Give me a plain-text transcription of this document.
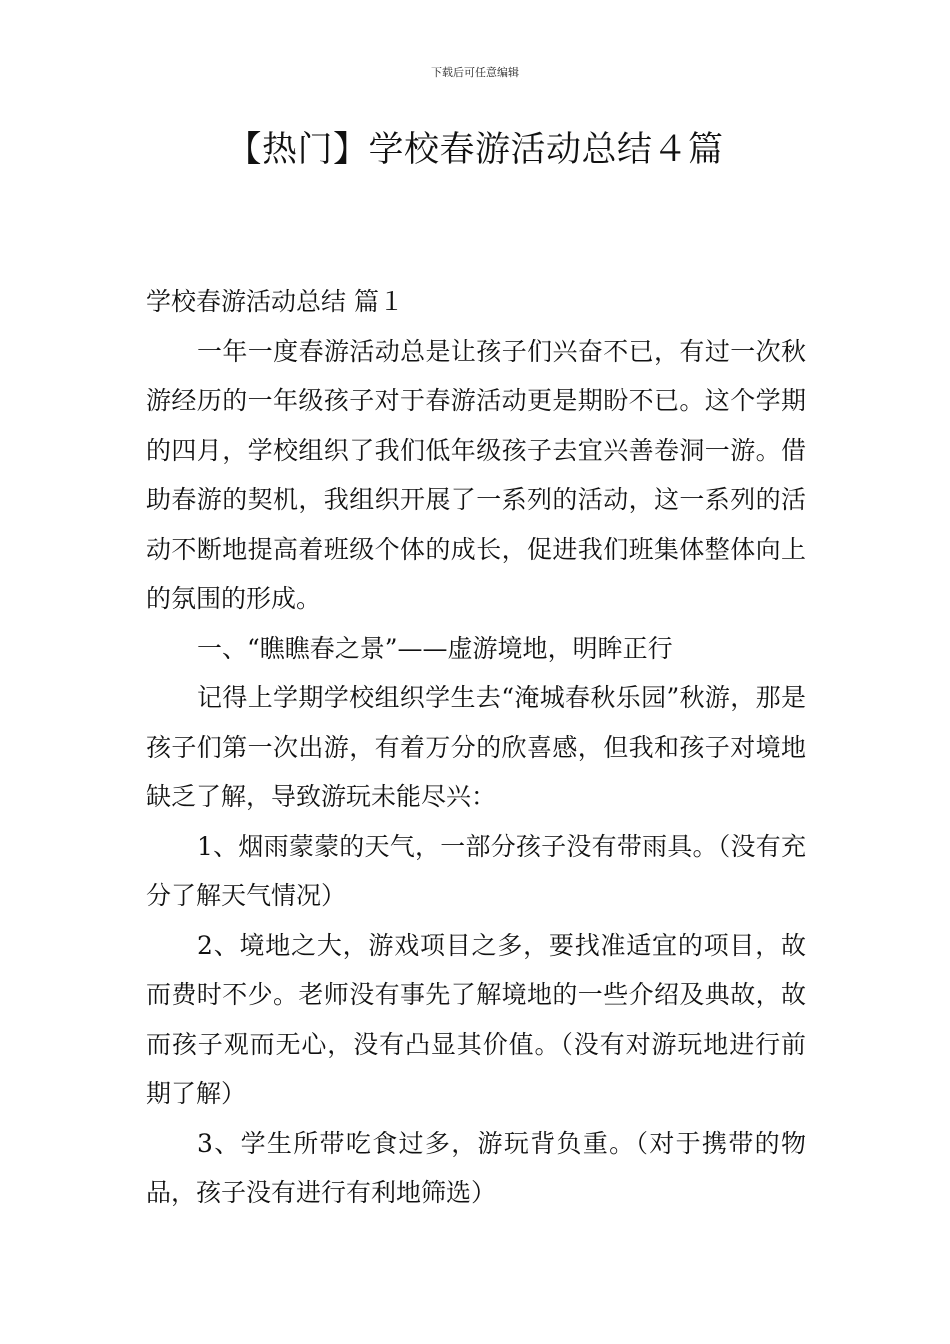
下载后可任意编辑
【热门】学校春游活动总结４篇

学校春游活动总结 篇１

一年一度春游活动总是让孩子们兴奋不已，有过一次秋游经历的一年级孩子对于春游活动更是期盼不已。这个学期的四月，学校组织了我们低年级孩子去宜兴善卷洞一游。借助春游的契机，我组织开展了一系列的活动，这一系列的活动不断地提高着班级个体的成长，促进我们班集体整体向上的氛围的形成。

一、“瞧瞧春之景”——虚游境地，明眸正行

记得上学期学校组织学生去“淹城春秋乐园”秋游，那是孩子们第一次出游，有着万分的欣喜感，但我和孩子对境地缺乏了解，导致游玩未能尽兴：

1、烟雨蒙蒙的天气，一部分孩子没有带雨具。（没有充分了解天气情况）

2、境地之大，游戏项目之多，要找准适宜的项目，故而费时不少。老师没有事先了解境地的一些介绍及典故，故而孩子观而无心，没有凸显其价值。（没有对游玩地进行前期了解）

3、学生所带吃食过多，游玩背负重。（对于携带的物品，孩子没有进行有利地筛选）
